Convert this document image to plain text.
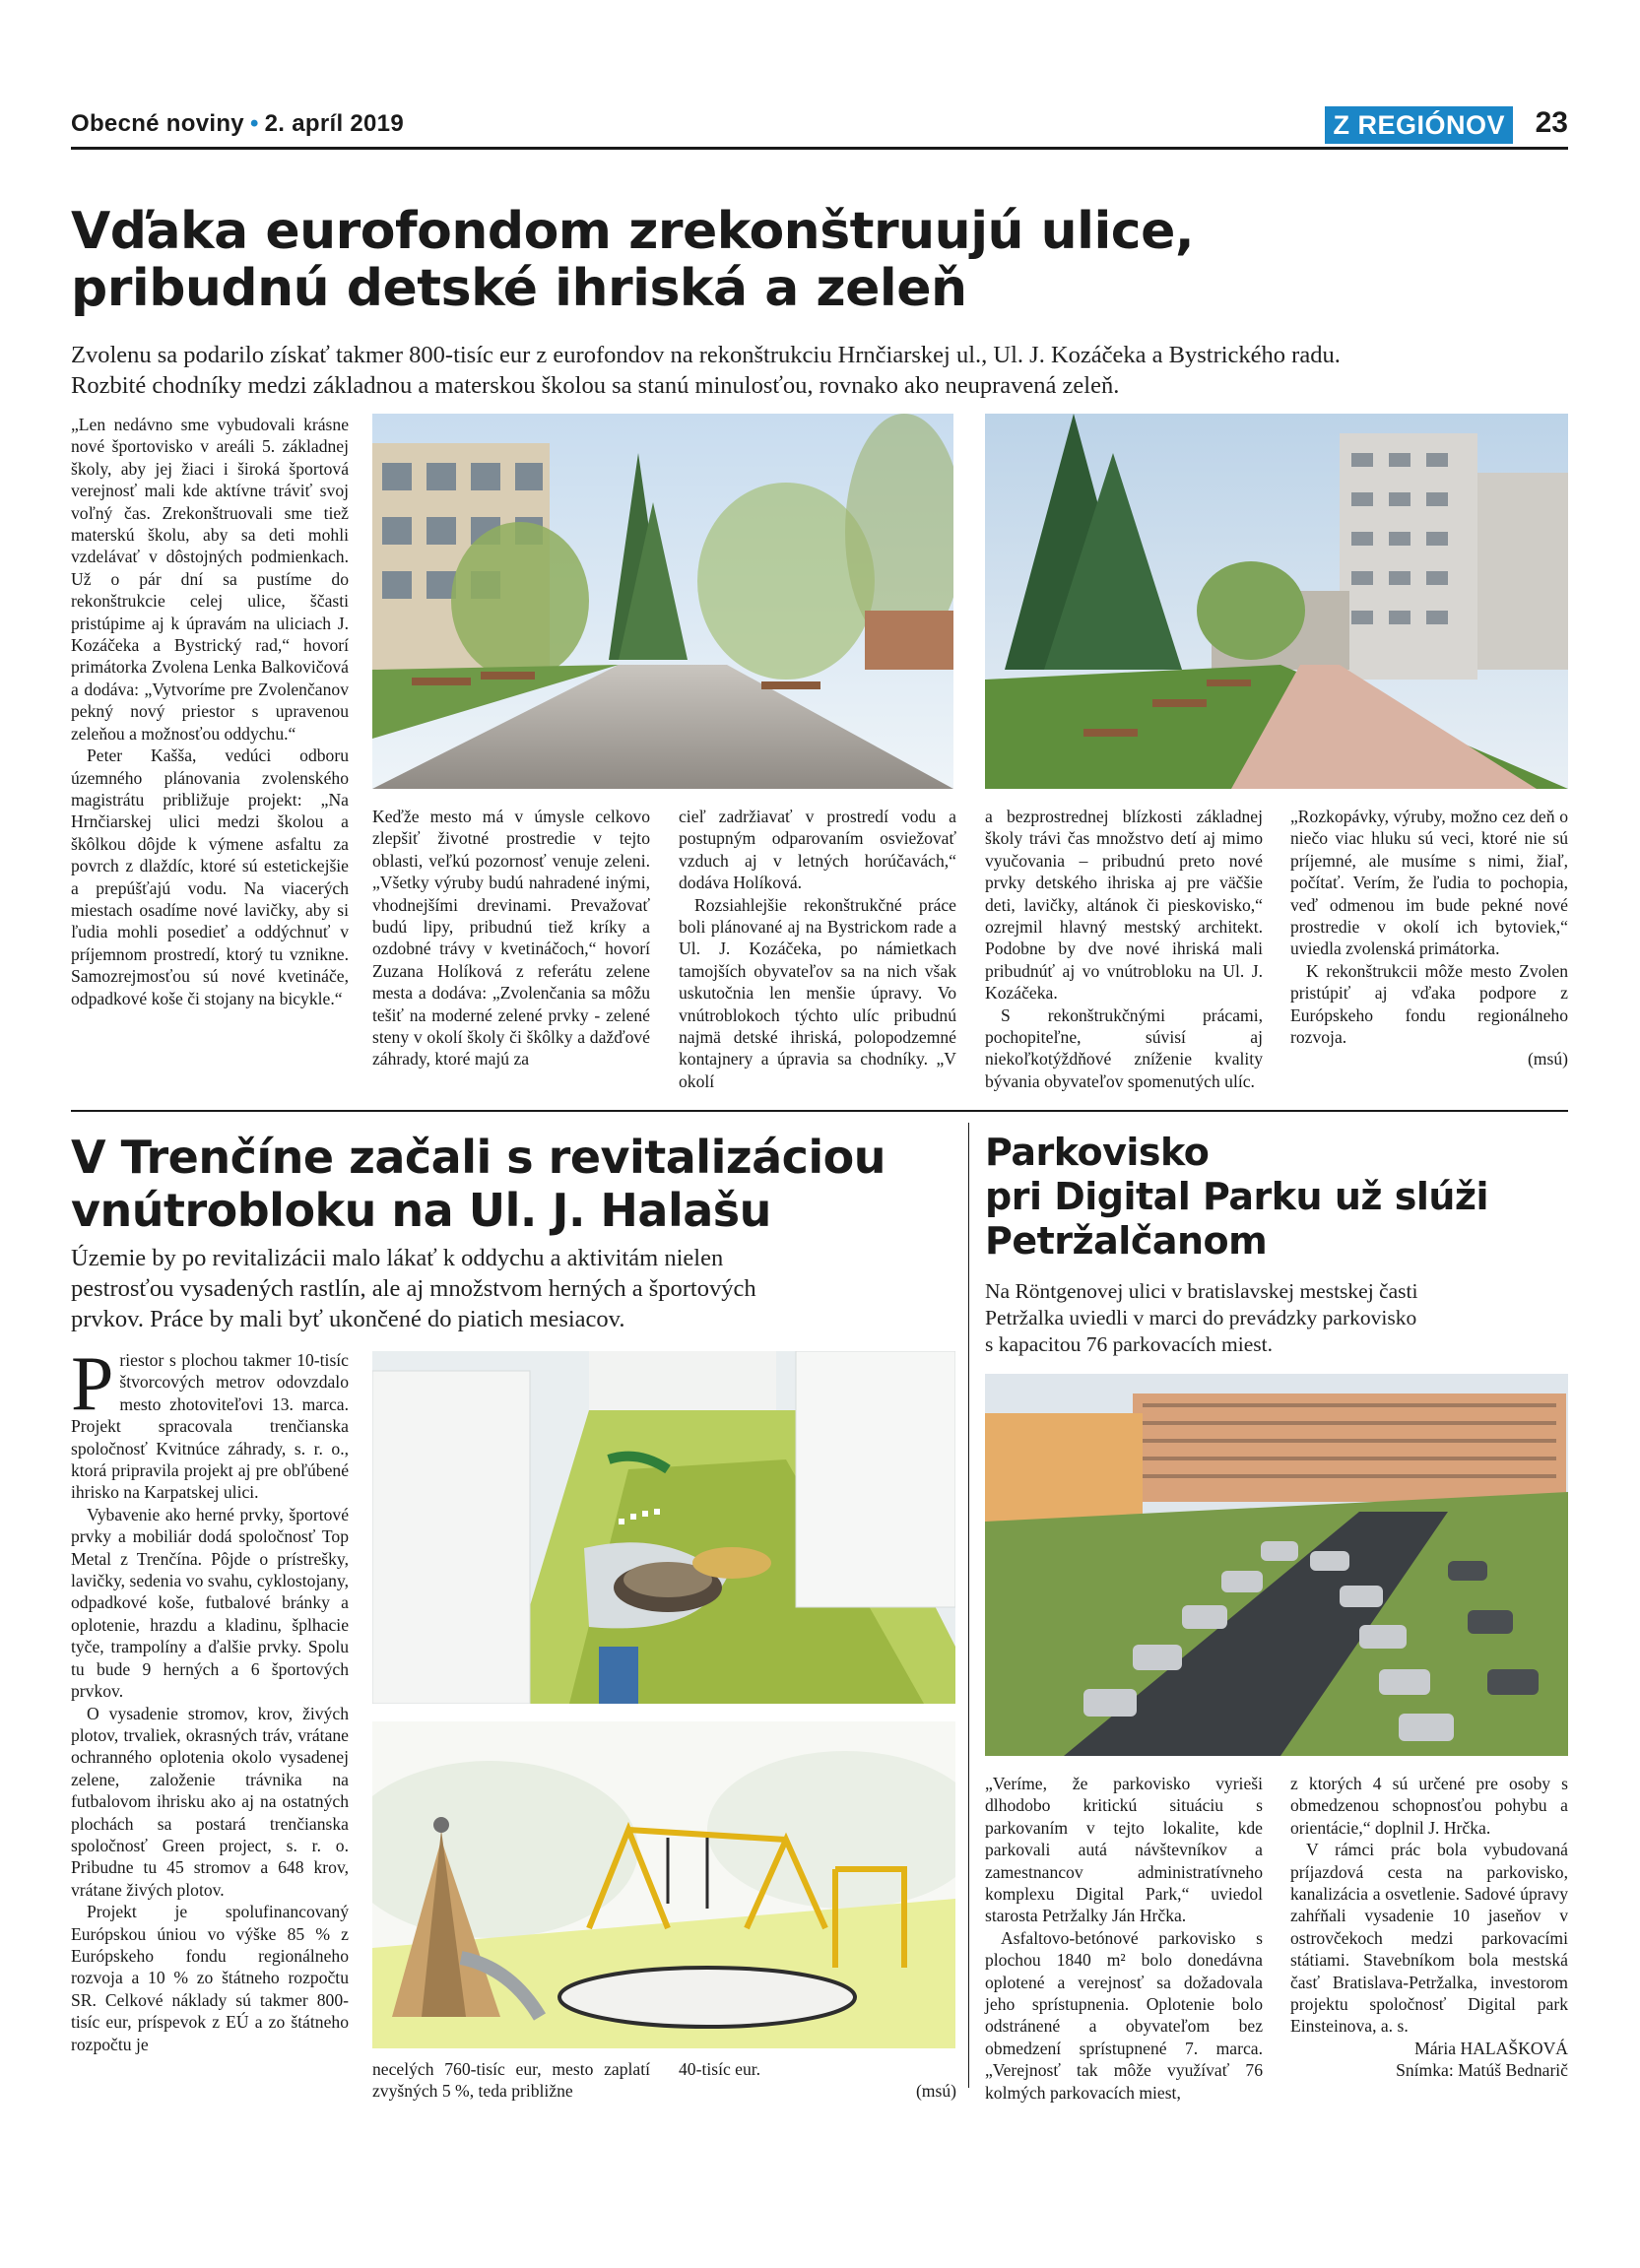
Obecné noviny • 2. apríl 2019	Z REGIÓNOV 23
Vďaka eurofondom zrekonštruujú ulice,
pribudnú detské ihriská a zeleň
Zvolenu sa podarilo získať takmer 800-tisíc eur z eurofondov na rekonštrukciu Hrnčiarskej ul., Ul. J. Kozáčeka a Bystrického radu.
Rozbité chodníky medzi základnou a materskou školou sa stanú minulosťou, rovnako ako neupravená zeleň.

„Len nedávno sme vybudovali krásne nové športovisko v areáli 5. základnej školy, aby jej žiaci i široká športová verejnosť mali kde aktívne tráviť svoj voľný čas. Zrekonštruovali sme tiež materskú školu, aby sa deti mohli vzdelávať v dôstojných podmienkach. Už o pár dní sa pustíme do rekonštrukcie celej ulice, ščasti pristúpime aj k úpravám na uliciach J. Kozáčeka a Bystrický rad,“ hovorí primátorka Zvolena Lenka Balkovičová a dodáva: „Vytvoríme pre Zvolenčanov pekný nový priestor s upravenou zeleňou a možnosťou oddychu.“

Peter Kašša, vedúci odboru územného plánovania zvolenského magistrátu približuje projekt: „Na Hrnčiarskej ulici medzi školou a škôlkou dôjde k výmene asfaltu za povrch z dlaždíc, ktoré sú estetickejšie a prepúšťajú vodu. Na viacerých miestach osadíme nové lavičky, aby si ľudia mohli posedieť a oddýchnuť v príjemnom prostredí, ktorý tu vznikne. Samozrejmosťou sú nové kvetináče, odpadkové koše či stojany na bicykle.“

Keďže mesto má v úmysle celkovo zlepšiť životné prostredie v tejto oblasti, veľkú pozornosť venuje zeleni. „Všetky výruby budú nahradené inými, vhodnejšími drevinami. Prevažovať budú lipy, pribudnú tiež kríky a ozdobné trávy v kvetináčoch,“ hovorí Zuzana Holíková z referátu zelene mesta a dodáva: „Zvolenčania sa môžu tešiť na moderné zelené prvky - zelené steny v okolí školy či škôlky a dažďové záhrady, ktoré majú za

cieľ zadržiavať v prostredí vodu a postupným odparovaním osviežovať vzduch aj v letných horúčavách,“ dodáva Holíková.

Rozsiahlejšie rekonštrukčné práce boli plánované aj na Bystrickom rade a Ul. J. Kozáčeka, po námietkach tamojších obyvateľov sa na nich však uskutočnia len menšie úpravy. Vo vnútroblokoch týchto ulíc pribudnú najmä detské ihriská, polopodzemné kontajnery a úpravia sa chodníky. „V okolí

a bezprostrednej blízkosti základnej školy trávi čas množstvo detí aj mimo vyučovania – pribudnú preto nové prvky detského ihriska aj pre väčšie deti, lavičky, altánok či pieskovisko,“ ozrejmil hlavný mestský architekt. Podobne by dve nové ihriská mali pribudnúť aj vo vnútrobloku na Ul. J. Kozáčeka.

S rekonštrukčnými prácami, pochopiteľne, súvisí aj niekoľkotýždňové zníženie kvality bývania obyvateľov spomenutých ulíc.

„Rozkopávky, výruby, možno cez deň o niečo viac hluku sú veci, ktoré nie sú príjemné, ale musíme s nimi, žiaľ, počítať. Verím, že ľudia to pochopia, veď odmenou im bude pekné nové prostredie v okolí ich bytoviek,“ uviedla zvolenská primátorka.

K rekonštrukcii môže mesto Zvolen pristúpiť aj vďaka podpore z Európskeho fondu regionálneho rozvoja.

(msú)

V Trenčíne začali s revitalizáciou
vnútrobloku na Ul. J. Halašu
Územie by po revitalizácii malo lákať k oddychu a aktivitám nielen
pestrosťou vysadených rastlín, ale aj množstvom herných a športových
prvkov. Práce by mali byť ukončené do piatich mesiacov.

Priestor s plochou takmer 10-tisíc štvorcových metrov odovzdalo mesto zhotoviteľovi 13. marca. Projekt spracovala trenčianska spoločnosť Kvitnúce záhrady, s. r. o., ktorá pripravila projekt aj pre obľúbené ihrisko na Karpatskej ulici.

Vybavenie ako herné prvky, športové prvky a mobiliár dodá spoločnosť Top Metal z Trenčína. Pôjde o prístrešky, lavičky, sedenia vo svahu, cyklostojany, odpadkové koše, futbalové bránky a oplotenie, hrazdu a kladinu, šplhacie tyče, trampolíny a ďalšie prvky. Spolu tu bude 9 herných a 6 športových prvkov.

O vysadenie stromov, krov, živých plotov, trvaliek, okrasných tráv, vrátane ochranného oplotenia okolo vysadenej zelene, založenie trávnika na futbalovom ihrisku ako aj na ostatných plochách sa postará trenčianska spoločnosť Green project, s. r. o. Pribudne tu 45 stromov a 648 krov, vrátane živých plotov.

Projekt je spolufinancovaný Európskou úniou vo výške 85 % z Európskeho fondu regionálneho rozvoja a 10 % zo štátneho rozpočtu SR. Celkové náklady sú takmer 800-tisíc eur, príspevok z EÚ a zo štátneho rozpočtu je

necelých 760-tisíc eur, mesto zaplatí zvyšných 5 %, teda približne

40-tisíc eur.

(msú)

Parkovisko
pri Digital Parku už slúži
Petržalčanom
Na Röntgenovej ulici v bratislavskej mestskej časti
Petržalka uviedli v marci do prevádzky parkovisko
s kapacitou 76 parkovacích miest.

„Veríme, že parkovisko vyrieši dlhodobo kritickú situáciu s parkovaním v tejto lokalite, kde parkovali autá návštevníkov a zamestnancov administratívneho komplexu Digital Park,“ uviedol starosta Petržalky Ján Hrčka.

Asfaltovo-betónové parkovisko s plochou 1840 m² bolo donedávna oplotené a verejnosť sa dožadovala jeho sprístupnenia. Oplotenie bolo odstránené a obyvateľom bez obmedzení sprístupnené 7. marca. „Verejnosť tak môže využívať 76 kolmých parkovacích miest,

z ktorých 4 sú určené pre osoby s obmedzenou schopnosťou pohybu a orientácie,“ doplnil J. Hrčka.

V rámci prác bola vybudovaná príjazdová cesta na parkovisko, kanalizácia a osvetlenie. Sadové úpravy zahŕňali vysadenie 10 jaseňov v ostrovčekoch medzi parkovacími státiami. Stavebníkom bola mestská časť Bratislava-Petržalka, investorom projektu spoločnosť Digital park Einsteinova, a. s.

Mária HALAŠKOVÁ

Snímka: Matúš Bednarič
